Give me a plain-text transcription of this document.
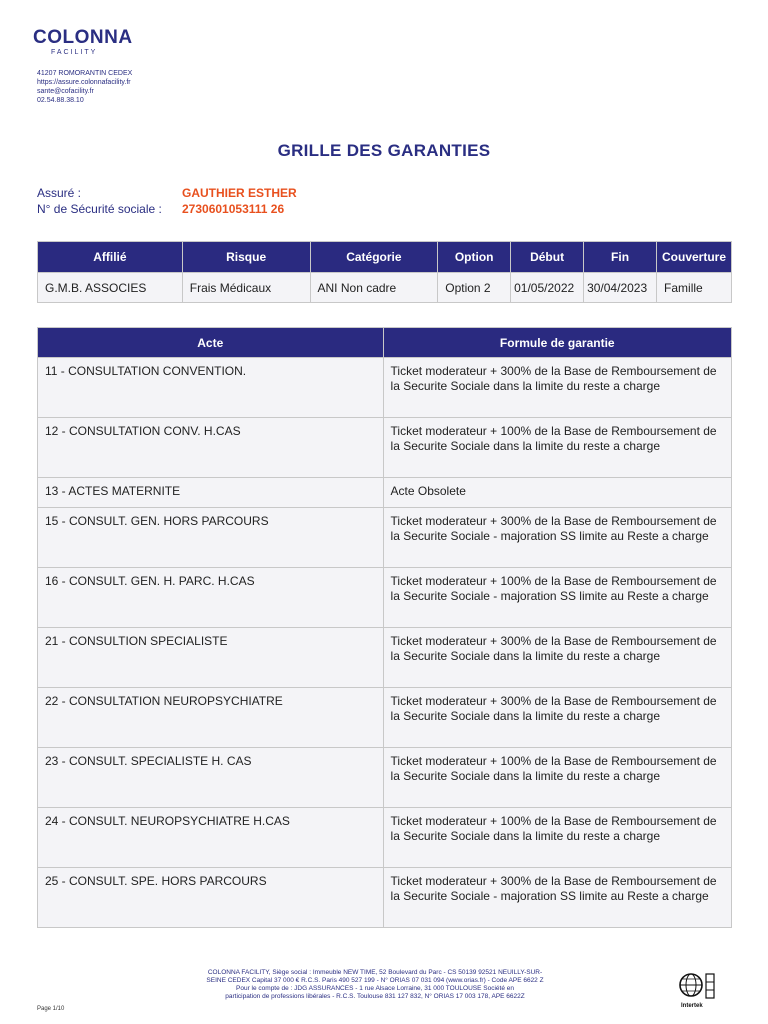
COLONNA
FACILITY
41207 ROMORANTIN CEDEX
https://assure.colonnafacility.fr
sante@cofacility.fr
02.54.88.38.10
GRILLE DES GARANTIES
Assuré :	GAUTHIER ESTHER
N° de Sécurité sociale :	2730601053111 26
Affilié	Risque	Catégorie	Option	Début	Fin	Couverture
G.M.B. ASSOCIES	Frais Médicaux	ANI Non cadre	Option 2	01/05/2022	30/04/2023	Famille
Acte	Formule de garantie
11 - CONSULTATION CONVENTION.	Ticket moderateur + 300% de la Base de Remboursement de la Securite Sociale dans la limite du reste a charge
12 - CONSULTATION CONV. H.CAS	Ticket moderateur + 100% de la Base de Remboursement de la Securite Sociale dans la limite du reste a charge
13 - ACTES MATERNITE	Acte Obsolete
15 - CONSULT. GEN. HORS PARCOURS	Ticket moderateur + 300% de la Base de Remboursement de la Securite Sociale - majoration SS limite au Reste a charge
16 - CONSULT. GEN. H. PARC. H.CAS	Ticket moderateur + 100% de la Base de Remboursement de la Securite Sociale - majoration SS limite au Reste a charge
21 - CONSULTION SPECIALISTE	Ticket moderateur + 300% de la Base de Remboursement de la Securite Sociale dans la limite du reste a charge
22 - CONSULTATION NEUROPSYCHIATRE	Ticket moderateur + 300% de la Base de Remboursement de la Securite Sociale dans la limite du reste a charge
23 - CONSULT. SPECIALISTE H. CAS	Ticket moderateur + 100% de la Base de Remboursement de la Securite Sociale dans la limite du reste a charge
24 - CONSULT. NEUROPSYCHIATRE H.CAS	Ticket moderateur + 100% de la Base de Remboursement de la Securite Sociale dans la limite du reste a charge
25 - CONSULT. SPE. HORS PARCOURS	Ticket moderateur + 300% de la Base de Remboursement de la Securite Sociale - majoration SS limite au Reste a charge
COLONNA FACILITY, Siège social : Immeuble NEW TIME, 52 Boulevard du Parc - CS 50139 92521 NEUILLY-SUR-
SEINE CEDEX Capital 37 000 € R.C.S. Paris 490 527 199 - N° ORIAS 07 031 094 (www.orias.fr) - Code APE 6622 Z
Pour le compte de : JDG ASSURANCES - 1 rue Alsace Lorraine, 31 000 TOULOUSE Société en
participation de professions libérales - R.C.S. Toulouse 831 127 832, N° ORIAS 17 003 178, APE 6622Z
Page 1/10	Intertek
